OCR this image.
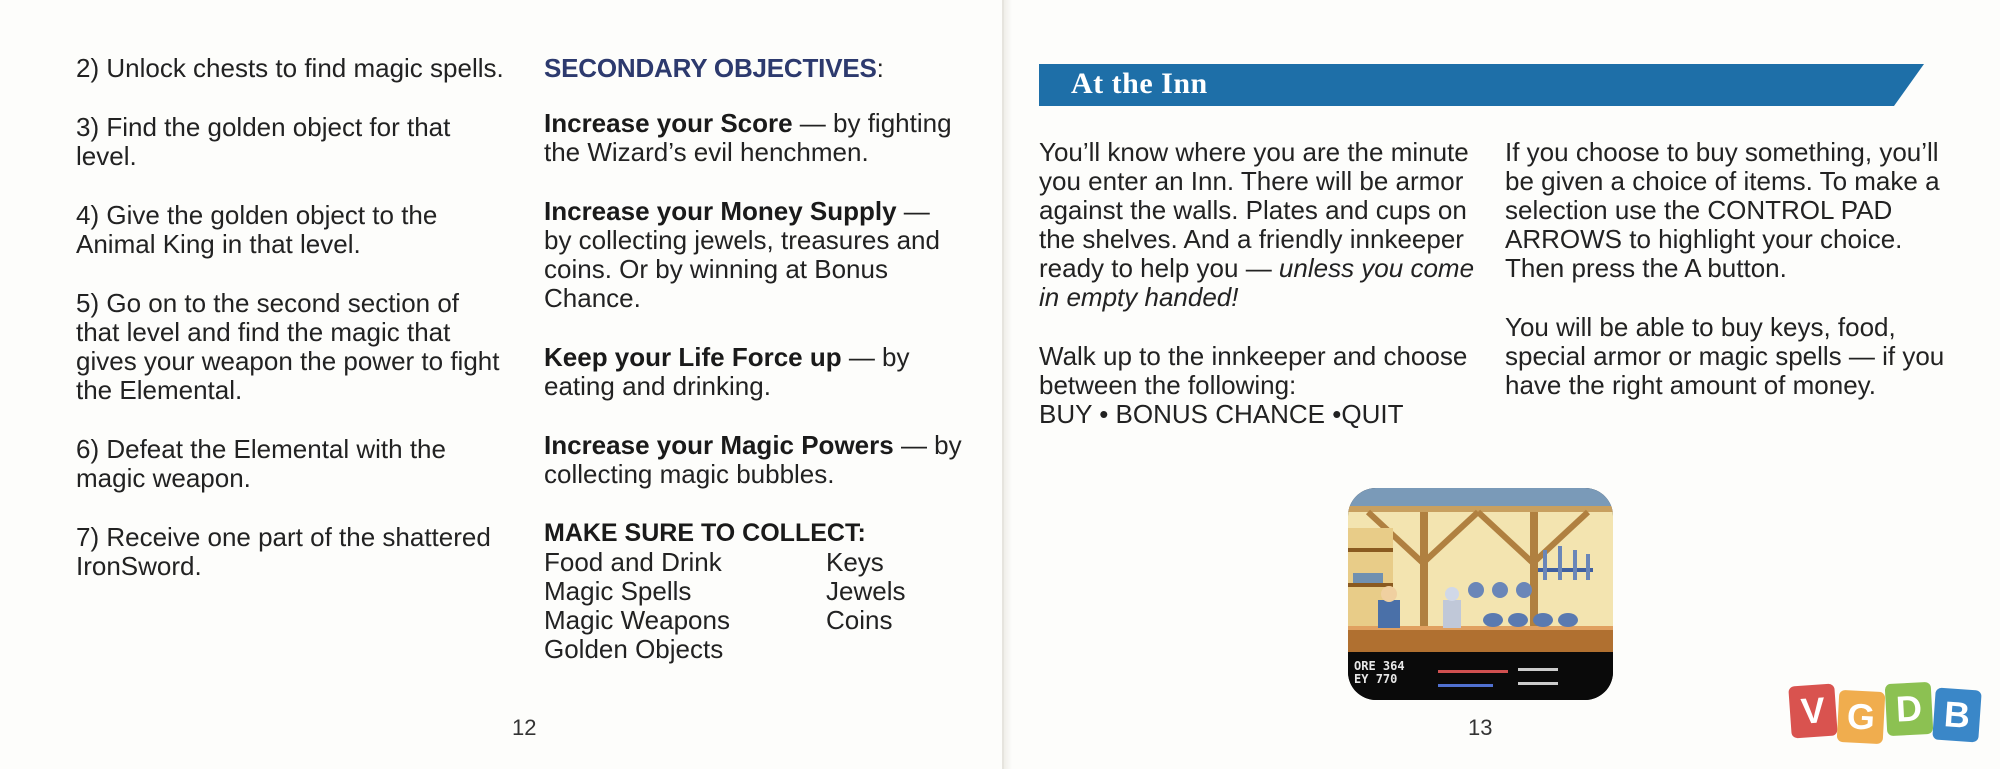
2) Unlock chests to find magic spells.

3) Find the golden object for that level.

4) Give the golden object to the Animal King in that level.

5) Go on to the second section of that level and find the magic that gives your weapon the power to fight the Elemental.

6) Defeat the Elemental with the magic weapon.

7) Receive one part of the shattered IronSword.

SECONDARY OBJECTIVES:

Increase your Score — by fighting the Wizard’s evil henchmen.

Increase your Money Supply — by collecting jewels, treasures and coins. Or by winning at Bonus Chance.

Keep your Life Force up — by eating and drinking.

Increase your Magic Powers — by collecting magic bubbles.

MAKE SURE TO COLLECT:
Food and Drink	Keys
Magic Spells	Jewels
Magic Weapons	Coins
Golden Objects
12
At the Inn

You’ll know where you are the minute you enter an Inn. There will be armor against the walls. Plates and cups on the shelves. And a friendly innkeeper ready to help you — unless you come in empty handed!

Walk up to the innkeeper and choose between the following:
BUY • BONUS CHANCE •QUIT

If you choose to buy something, you’ll be given a choice of items. To make a selection use the CONTROL PAD ARROWS to highlight your choice. Then press the A button.

You will be able to buy keys, food, special armor or magic spells — if you have the right amount of money.

ORE 364
EY 770
13	V G D B
